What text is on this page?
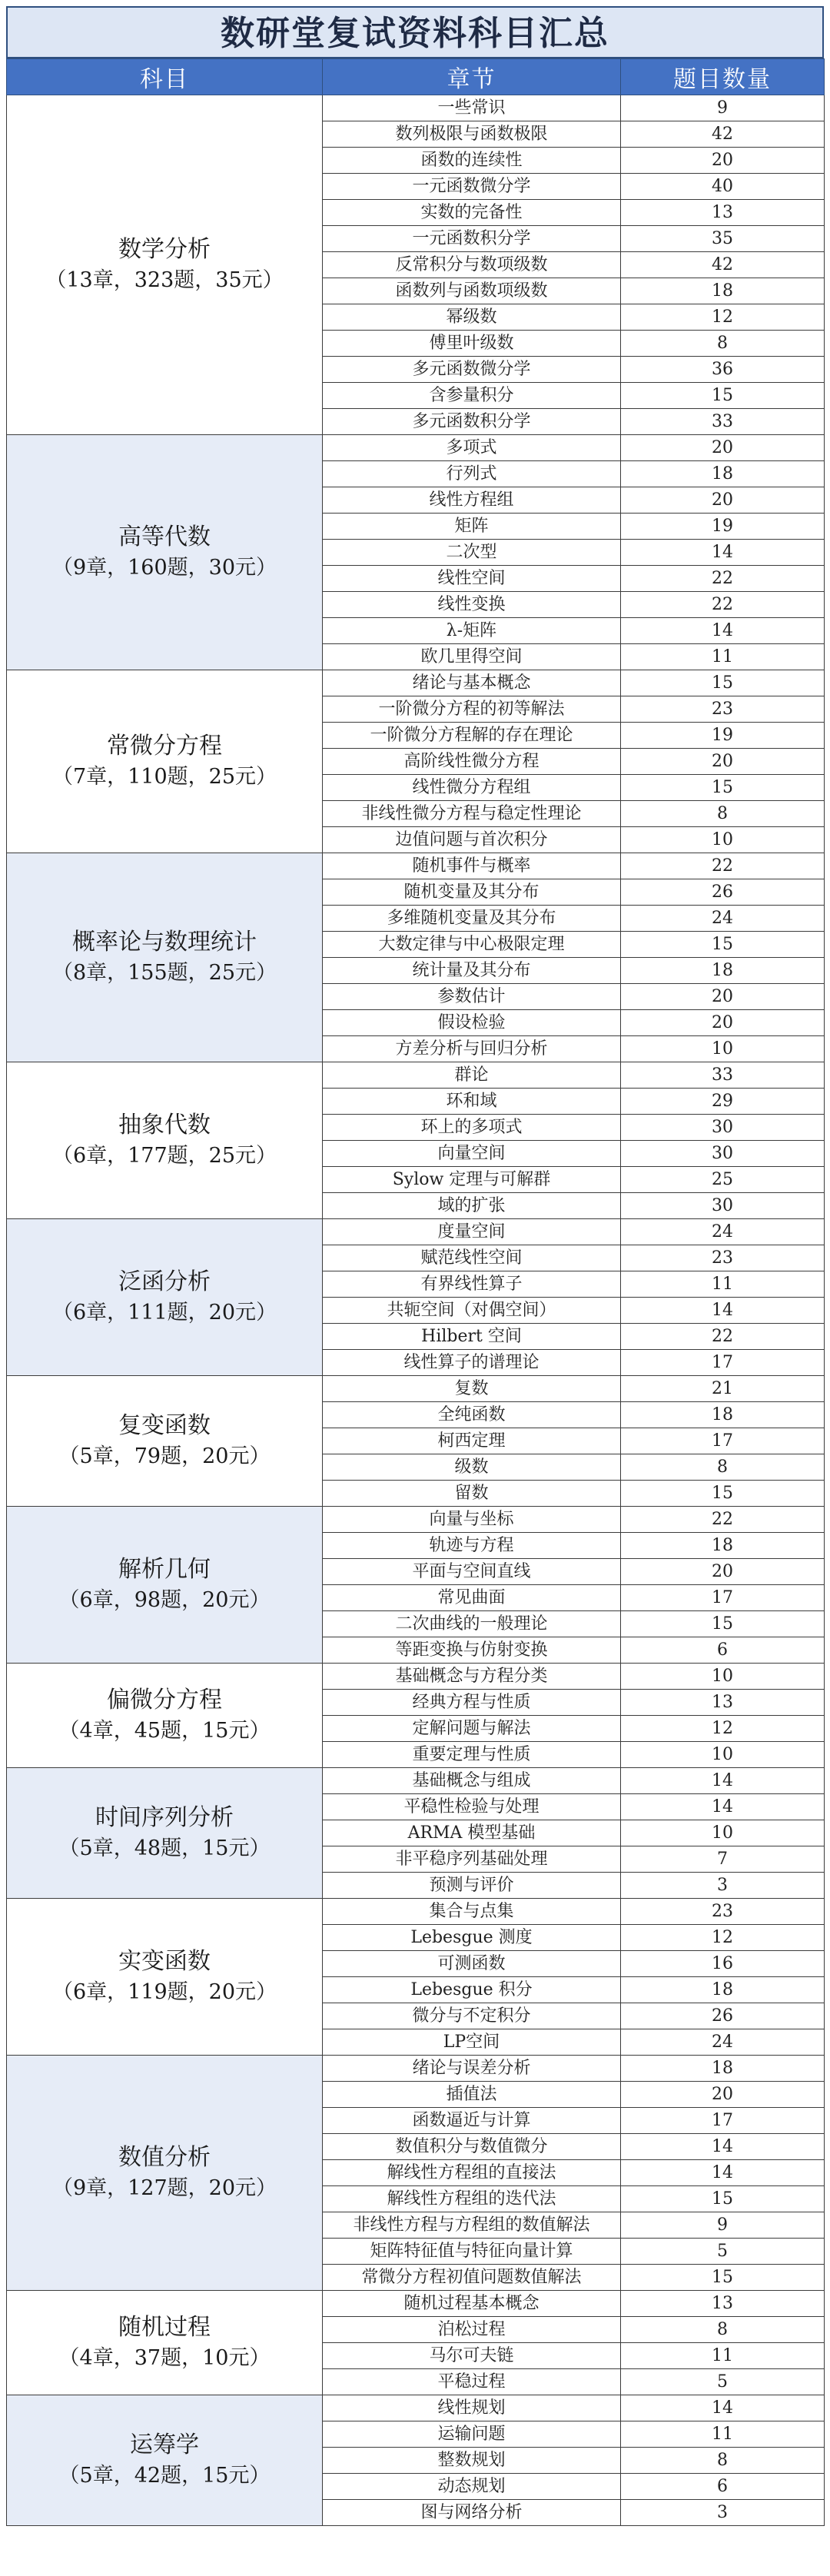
数研堂复试资料科目汇总
科目	章节	题目数量

数学分析
（13章，323题，35元）	一些常识	9
	数列极限与函数极限	42
	函数的连续性	20
	一元函数微分学	40
	实数的完备性	13
	一元函数积分学	35
	反常积分与数项级数	42
	函数列与函数项级数	18
	幂级数	12
	傅里叶级数	8
	多元函数微分学	36
	含参量积分	15
	多元函数积分学	33

高等代数
（9章，160题，30元）	多项式	20
	行列式	18
	线性方程组	20
	矩阵	19
	二次型	14
	线性空间	22
	线性变换	22
	λ-矩阵	14
	欧几里得空间	11

常微分方程
（7章，110题，25元）	绪论与基本概念	15
	一阶微分方程的初等解法	23
	一阶微分方程解的存在理论	19
	高阶线性微分方程	20
	线性微分方程组	15
	非线性微分方程与稳定性理论	8
	边值问题与首次积分	10

概率论与数理统计
（8章，155题，25元）	随机事件与概率	22
	随机变量及其分布	26
	多维随机变量及其分布	24
	大数定律与中心极限定理	15
	统计量及其分布	18
	参数估计	20
	假设检验	20
	方差分析与回归分析	10

抽象代数
（6章，177题，25元）	群论	33
	环和域	29
	环上的多项式	30
	向量空间	30
	Sylow 定理与可解群	25
	域的扩张	30

泛函分析
（6章，111题，20元）	度量空间	24
	赋范线性空间	23
	有界线性算子	11
	共轭空间（对偶空间）	14
	Hilbert 空间	22
	线性算子的谱理论	17

复变函数
（5章，79题，20元）	复数	21
	全纯函数	18
	柯西定理	17
	级数	8
	留数	15

解析几何
（6章，98题，20元）	向量与坐标	22
	轨迹与方程	18
	平面与空间直线	20
	常见曲面	17
	二次曲线的一般理论	15
	等距变换与仿射变换	6

偏微分方程
（4章，45题，15元）	基础概念与方程分类	10
	经典方程与性质	13
	定解问题与解法	12
	重要定理与性质	10

时间序列分析
（5章，48题，15元）	基础概念与组成	14
	平稳性检验与处理	14
	ARMA 模型基础	10
	非平稳序列基础处理	7
	预测与评价	3

实变函数
（6章，119题，20元）	集合与点集	23
	Lebesgue 测度	12
	可测函数	16
	Lebesgue 积分	18
	微分与不定积分	26
	LP空间	24

数值分析
（9章，127题，20元）	绪论与误差分析	18
	插值法	20
	函数逼近与计算	17
	数值积分与数值微分	14
	解线性方程组的直接法	14
	解线性方程组的迭代法	15
	非线性方程与方程组的数值解法	9
	矩阵特征值与特征向量计算	5
	常微分方程初值问题数值解法	15

随机过程
（4章，37题，10元）	随机过程基本概念	13
	泊松过程	8
	马尔可夫链	11
	平稳过程	5

运筹学
（5章，42题，15元）	线性规划	14
	运输问题	11
	整数规划	8
	动态规划	6
	图与网络分析	3
